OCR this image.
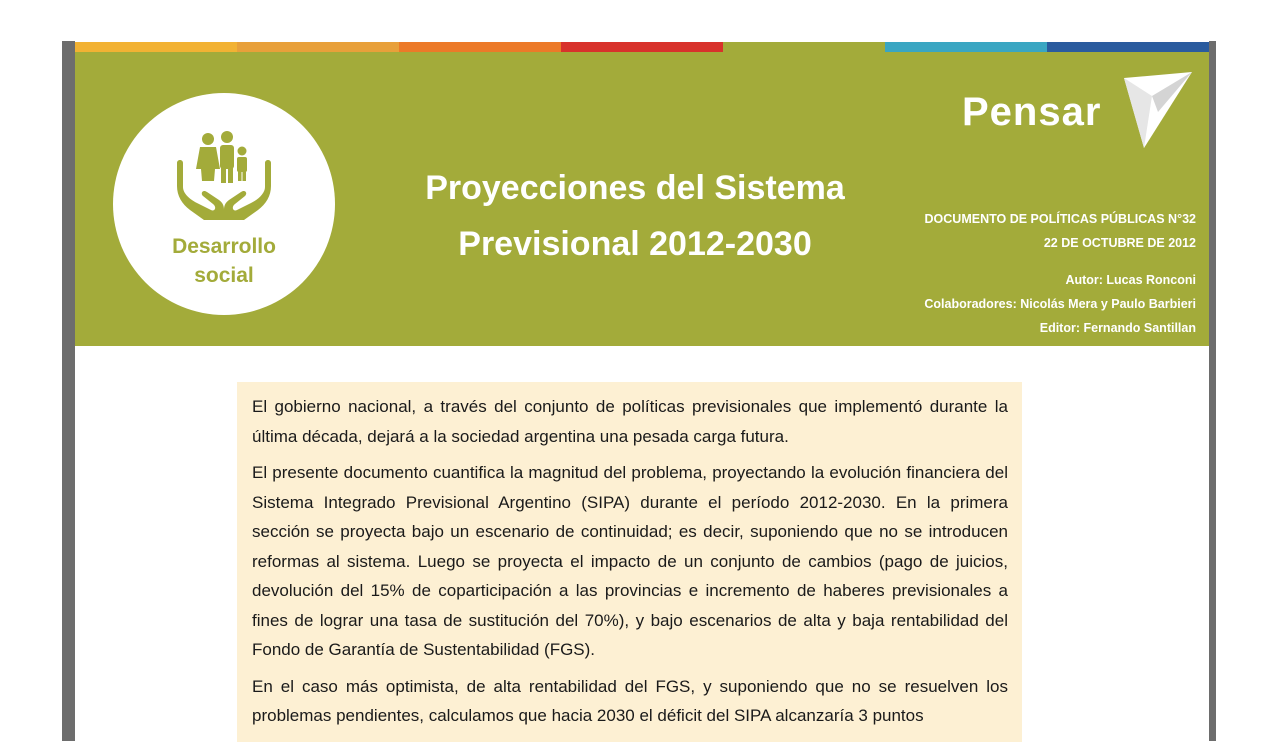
Desarrollo
social
Proyecciones del Sistema
Previsional 2012-2030
Pensar
DOCUMENTO DE POLÍTICAS PÚBLICAS N°32
22 DE OCTUBRE DE 2012
Autor: Lucas Ronconi
Colaboradores: Nicolás Mera y Paulo Barbieri
Editor: Fernando Santillan

El gobierno nacional, a través del conjunto de políticas previsionales que implementó durante la última década, dejará a la sociedad argentina una pesada carga futura.

El presente documento cuantifica la magnitud del problema, proyectando la evolución financiera del Sistema Integrado Previsional Argentino (SIPA) durante el período 2012-2030. En la primera sección se proyecta bajo un escenario de continuidad; es decir, suponiendo que no se introducen reformas al sistema. Luego se proyecta el impacto de un conjunto de cambios (pago de juicios, devolución del 15% de coparticipación a las provincias e incremento de haberes previsionales a fines de lograr una tasa de sustitución del 70%), y bajo escenarios de alta y baja rentabilidad del Fondo de Garantía de Sustentabilidad (FGS).

En el caso más optimista, de alta rentabilidad del FGS, y suponiendo que no se resuelven los problemas pendientes, calculamos que hacia 2030 el déficit del SIPA alcanzaría 3 puntos
